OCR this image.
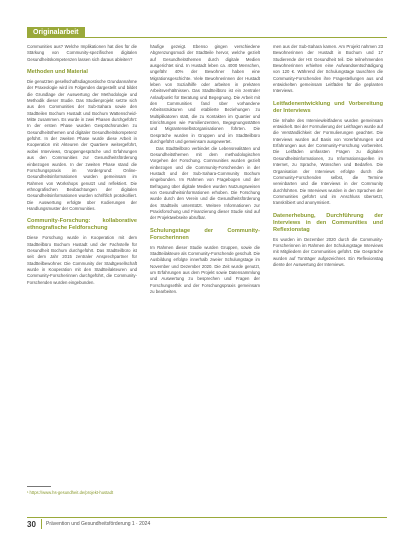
Originalarbeit

Communities aus? Welche Implikationen hat dies für die Stärkung von Community-spezifischen digitalen Gesundheitskompetenzen lassen sich daraus ableiten?

Methoden und Material

Die genutzten gesellschaftsdiagnostische Grundannahme der Praxeologie wird im Folgenden dargestellt und bildet die Grundlage der Auswertung der Methodologie und Methodik dieser Studie. Das Studienprojekt setzte sich aus den Communities der Sub-Sahara sowie den Stadtteilen Bochum Hustadt und Bochum Wattenscheid-Mitte zusammen. Es wurde in zwei Phasen durchgeführt: In der ersten Phase wurden Gesprächsrunden zu Gesundheitsthemen und digitaler Gesundheitskompetenz geführt. In der zweiten Phase wurde diese Arbeit in Kooperation mit Akteuren der Quartiere weitergeführt, wobei Interviews, Gruppengespräche und Erfahrungen aus den Communities zur Gesundheitsförderung einbezogen wurden. In der zweiten Phase stand die Forschungspraxis im Vordergrund: Online-Gesundheitsinformationen wurden gemeinsam im Rahmen von Workshops genutzt und reflektiert. Die ethnografischen Beobachtungen der digitalen Gesundheitsinformationen wurden schriftlich protokolliert. Die Auswertung erfolgte über Kodierungen der Handlungsmuster der Communities.

Community-Forschung: kollaborative ethnografische Feldforschung

Diese Forschung wurde in Kooperation mit dem Stadtteilbüro Bochum Hustadt und der Fachstelle für Gesundheit Bochum durchgeführt. Das Stadtteilbüro ist seit dem Jahr 2015 zentraler Ansprechpartner für Stadtteilbewohner. Die Community der Stadtgesellschaft wurde in Kooperation mit den Stadtteilakteuren und Community-Forscherinnen durchgeführt, die Community-Forschenden wurden eingebunden.

häufige gezeigt. Ebenso gingen verschiedene Abgrenzungsmodi der Stadtteile hervor, welche gezielt auf Gesundheitsthemen durch digitale Medien ausgerichtet sind. In Hustadt leben ca. 4000 Menschen, ungefähr 40% der Bewohner haben eine Migrationsgeschichte. Viele Bewohnerinnen der Hustadt leben von Sozialhilfe oder arbeiten in prekären Arbeitsverhältnissen. Das Stadtteilbüro ist ein zentraler Anlaufpunkt für Beratung und Begegnung. Die Arbeit mit den Communities fand über vorhandene Arbeitsstrukturen und etablierte Beziehungen zu Multiplikatoren statt, die zu Kontakten im Quartier und Einrichtungen wie Familienzentren, Begegnungsstätten und Migrantenselbstorganisationen führten. Die Gespräche wurden in Gruppen und im Stadtteilbüro durchgeführt und gemeinsam ausgewertet.

Das Stadtteilbüro verbindet die Lebensrealitäten und Gesundheitsthemen mit dem methodologischen Vorgehen der Forschung. Communities wurden gezielt einbezogen und die Community-Forschenden in der Hustadt und der Sub-Sahara-Community Bochum eingebunden. Im Rahmen von Fragebogen und der Befragung über digitale Medien wurden Nutzungsweisen von Gesundheitsinformationen erhoben. Die Forschung wurde durch den Verein und die Gesundheitsförderung des Stadtteils unterstützt. Weitere Informationen zur Praxisforschung und Finanzierung dieser Studie sind auf der Projektwebseite abrufbar.

Schulungstage der Community-Forscherinnen

Im Rahmen dieser Studie wurden Gruppen, sowie die Stadtteilakteure als Community-Forschende geschult. Die Ausbildung erfolgte innerhalb zweier Schulungstage im November und Dezember 2020. Die Zeit wurde genutzt, um Erfahrungen aus dem Projekt sowie Datensammlung und Auswertung zu besprechen und Fragen der Forschungsethik und der Forschungspraxis gemeinsam zu bearbeiten.

men aus der Sub-Sahara kamen. Am Projekt nahmen 23 Bewohnerinnen der Hustadt in Bochum und 17 Studierende der HS Gesundheit teil. Die teilnehmenden Bewohnerinnen erhielten eine Aufwandsentschädigung von 120 €. Während der Schulungstage tauschten die Community-Forschenden ihre Fragestellungen aus und entwickelten gemeinsam Leitfäden für die geplanten Interviews.

Leitfadenentwicklung und Vorbereitung der Interviews

Die Inhalte des Interviewleitfadens wurden gemeinsam entwickelt. Bei der Formulierung der Leitfragen wurde auf die Verständlichkeit der Formulierungen geachtet. Die Interviews wurden auf Basis von Vorerfahrungen und Erfahrungen aus der Community-Forschung vorbereitet. Die Leitfäden umfassten Fragen zu digitalen Gesundheitsinformationen, zu Informationsquellen im Internet, zu Sprache, Wünschen und Bedarfen. Die Organisation der Interviews erfolgte durch die Community-Forschenden selbst, die Termine vereinbarten und die Interviews in der Community durchführten. Die Interviews wurden in den Sprachen der Communities geführt und im Anschluss übersetzt, transkribiert und anonymisiert.

Datenerhebung, Durchführung der Interviews in den Communities und Reflexionstag

Es wurden im Dezember 2020 durch die Community-Forscherinnen im Rahmen der Schulungstage Interviews mit Mitgliedern der Communities geführt. Die Gespräche wurden auf Tonträger aufgezeichnet. Ein Reflexionstag diente der Auswertung der Interviews.

¹ https://www.hs-gesundheit.de/projekt-hustadt
30 Prävention und Gesundheitsförderung 1 · 2024
